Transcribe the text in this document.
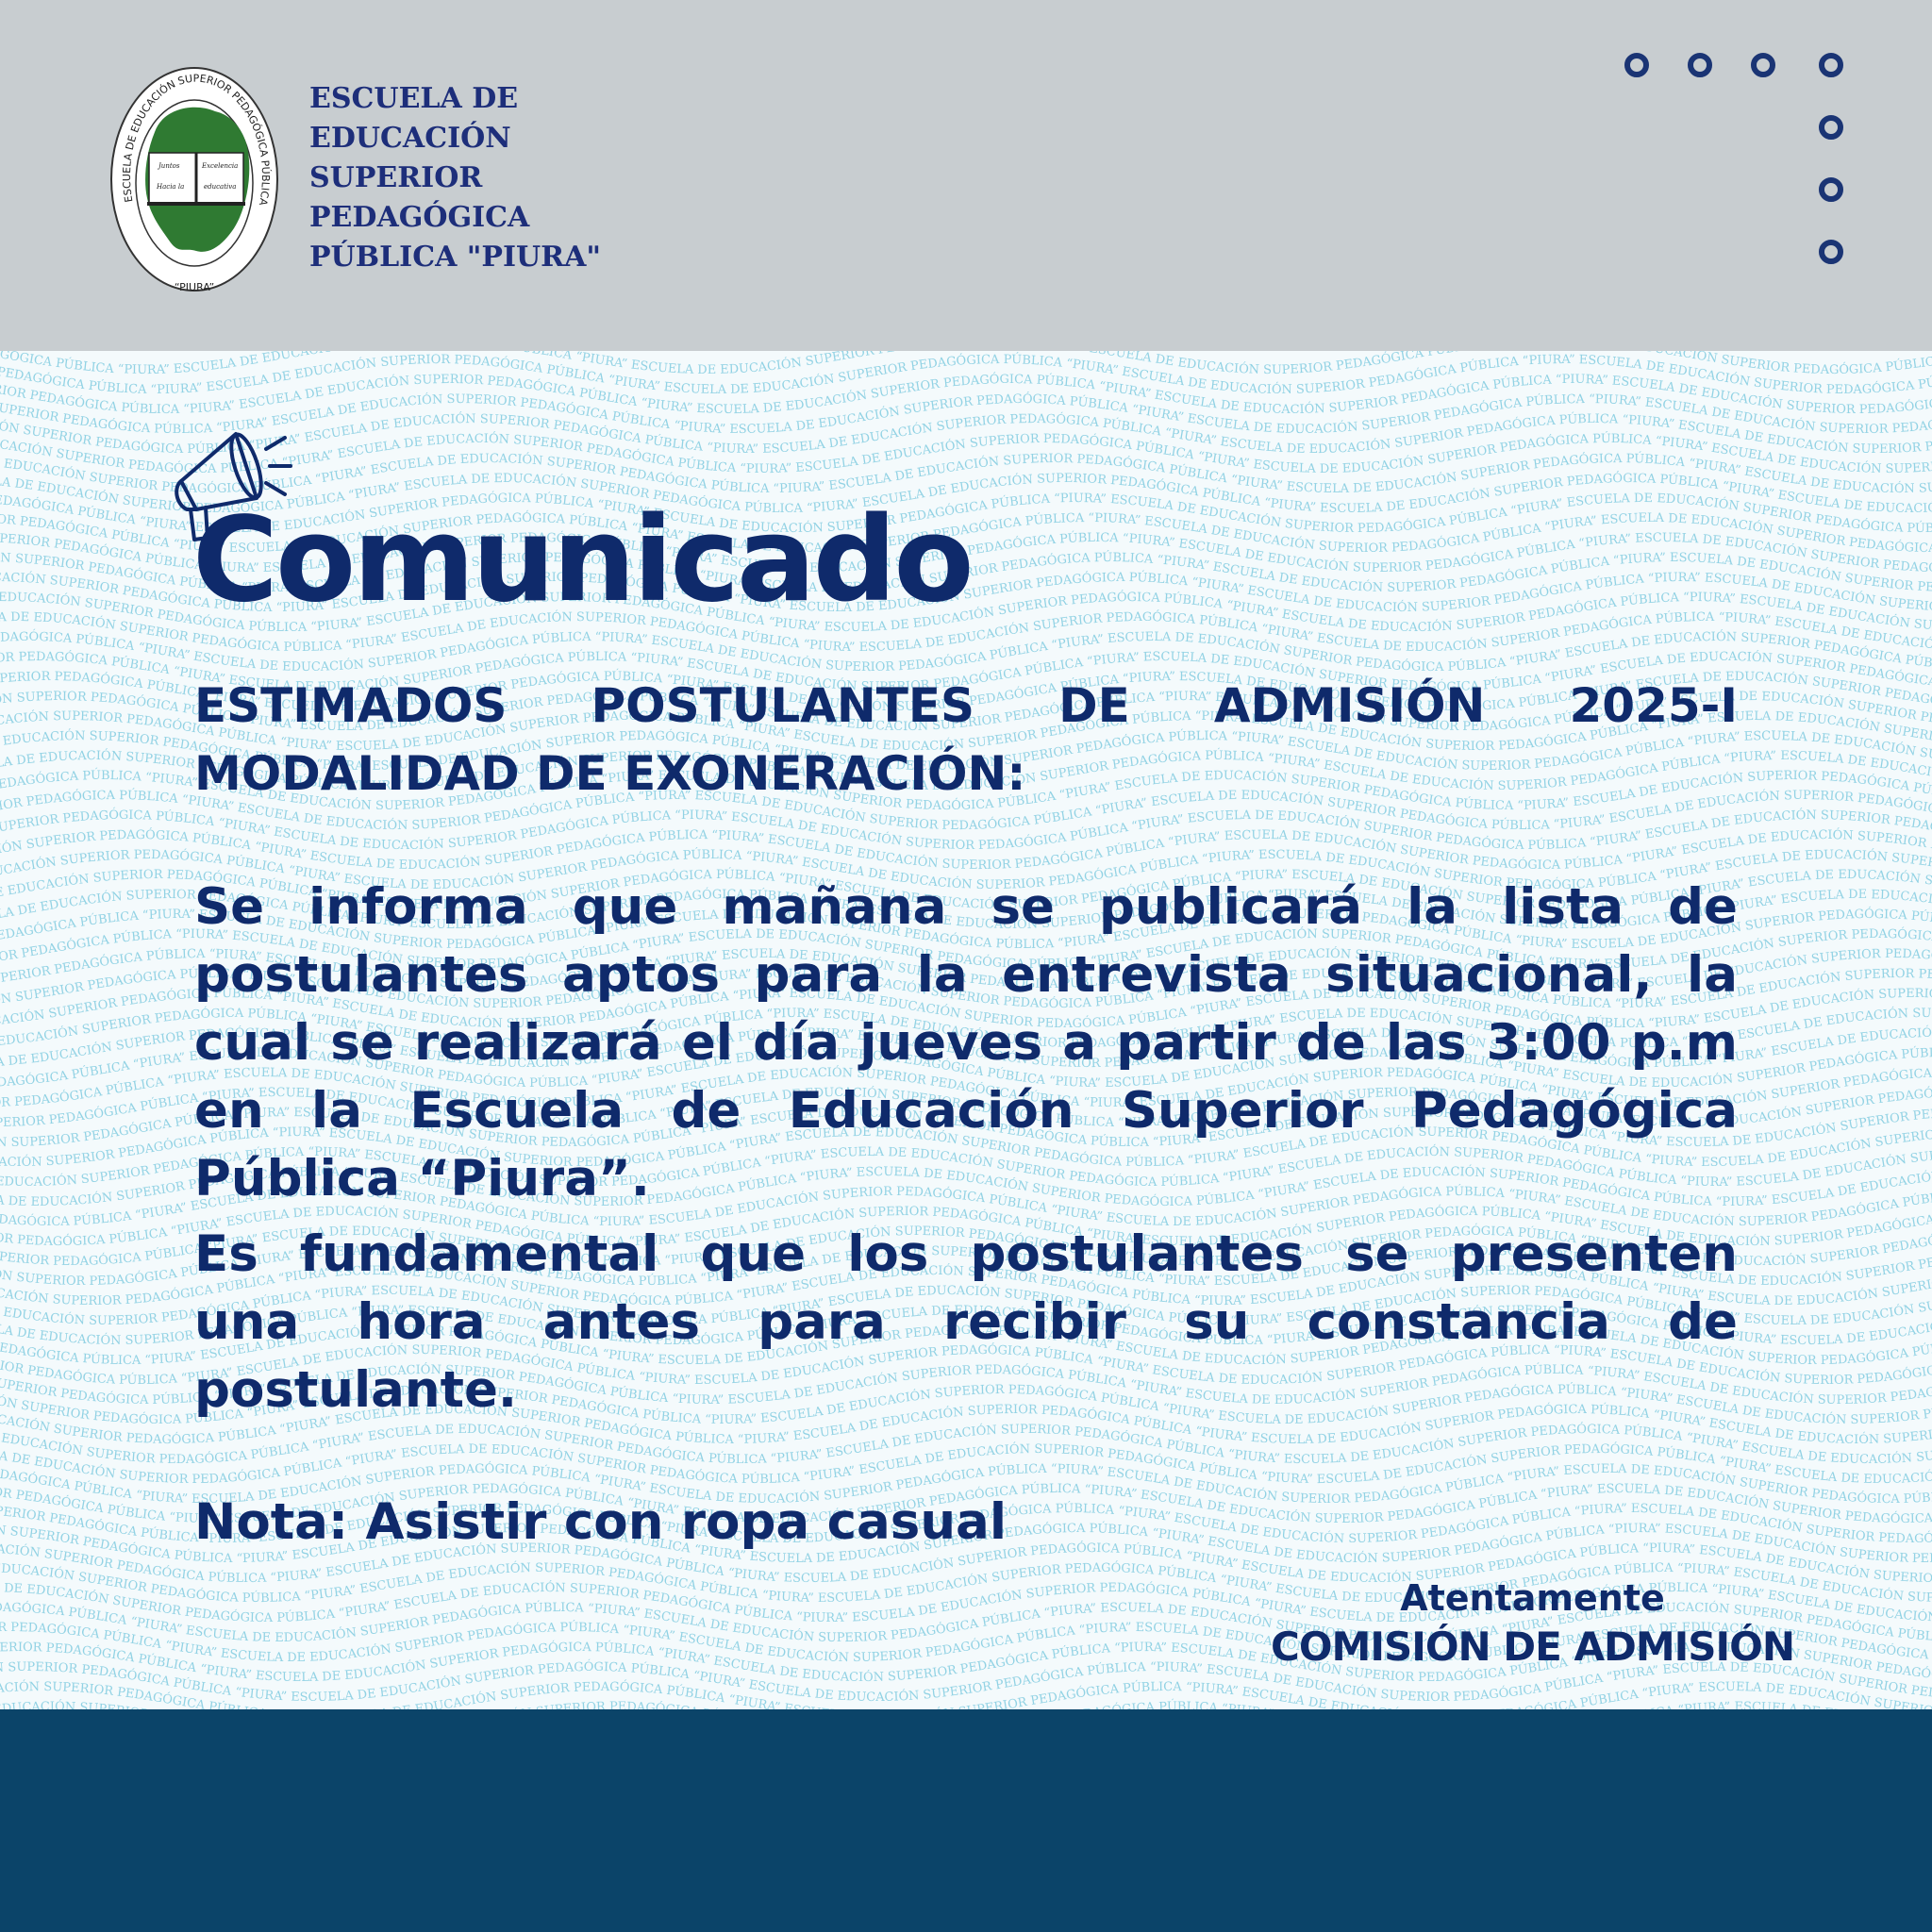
Juntos
Hacia la
Excelencia
educativa
ESCUELA DE EDUCACIÓN SUPERIOR PEDAGÓGICA PÚBLICA
“PIURA”

ESCUELA DE
EDUCACIÓN
SUPERIOR
PEDAGÓGICA
PÚBLICA "PIURA"

ÓGICA PÚBLICA “PIURA” ESCUELA DE EDUCA LICA “PIURA” ESCUELA DE EDUCACIÓN SUPERIOR CUELA DE EDUCACIÓN SUPERIOR PEDAGÓGICA P CACIÓN SUPERIOR PEDAGÓGICA PÚBLI
EDAGÓGICA PÚBLICA “PIURA” ESCUELA DE EDUCACIÓN SUPERIOR PEDAGÓGICA PÚBLICA “PIURA” ESCUELA DE EDUCACIÓN SUPERIOR PEDAGÓGICA PÚBLICA “PIURA” ESCUELA DE EDUCACIÓN SUPERIOR PEDAGÓGICA PÚBLICA “PIURA” ESCUELA DE EDUCACIÓN SUPERIOR PEDAGÓGICA P
IOR PEDAGÓGICA PÚBLICA “PIURA” ESCUELA DE EDUCACIÓN SUPERIOR PEDAGÓGICA PÚBLICA “PIURA” ESCUELA DE EDUCACIÓN SUPERIOR PEDAGÓGICA PÚBLICA “PIURA” ESCUELA DE EDUCACIÓN SUPERIOR PEDAGÓGICA PÚBLICA “PIURA” ESCUELA DE EDUCACIÓN SUPERIOR PEDAGÓGI
PERIOR PEDAGÓGICA PÚBLICA “PIURA” ESCUELA DE EDUCACIÓN SUPERIOR PEDAGÓGICA PÚBLICA “PIURA” ESCUELA DE EDUCACIÓN SUPERIOR PEDAGÓGICA PÚBLICA “PIURA” ESCUELA DE EDUCACIÓN SUPERIOR PEDAGÓGICA PÚBLICA “PIURA” ESCUELA DE EDUCACIÓN SUPERIOR PEDA
N SUPERIOR PEDAGÓGICA PÚBLICA “PIURA” ESCUELA DE EDUCACIÓN SUPERIOR PEDAGÓGICA PÚBLICA “PIURA” ESCUELA DE EDUCACIÓN SUPERIOR PEDAGÓGICA PÚBLICA “PIURA” ESCUELA DE EDUCACIÓN SUPERIOR PEDAGÓGICA PÚBLICA “PIURA” ESCUELA DE EDUCACIÓN SUPERIOR
ACIÓN SUPERIOR PEDAGÓGICA PÚBLICA “PIURA” ESCUELA DE EDUCACIÓN SUPERIOR PEDAGÓGICA PÚBLICA “PIURA” ESCUELA DE EDUCACIÓN SUPERIOR PEDAGÓGICA PÚBLICA “PIURA” ESCUELA DE EDUCACIÓN SUPERIOR PEDAGÓGICA PÚBLICA “PIURA” ESCUELA DE EDUCACIÓN SUPER
EDUCACIÓN SUPERIOR PEDAGÓGICA PÚBLICA “PIURA” ESCUELA DE EDUCACIÓN SUPERIOR PEDAGÓGICA PÚBLICA “PIURA” ESCUELA DE EDUCACIÓN SUPERIOR PEDAGÓGICA PÚBLICA “PIURA” ESCUELA DE EDUCACIÓN SUPERIOR PEDAGÓGICA PÚBLICA “PIURA” ESCUELA DE EDUCACIÓN S
A DE EDUCACIÓN SUPERIOR PEDAGÓGICA PÚBLICA “PIURA” ESCUELA DE EDUCACIÓN SUPERIOR PEDAGÓGICA PÚBLICA “PIURA” ESCUELA DE EDUCACIÓN SUPERIOR PEDAGÓGICA PÚBLICA “PIURA” ESCUELA DE EDUCACIÓN SUPERIOR PEDAGÓGICA PÚBLICA “PIURA” ESCUELA DE EDUCACI
DAGÓGICA PÚBLICA “PIURA” ESCUELA DE EDUCACIÓN SUPERIOR PEDAGÓGICA PÚBLICA “PIURA” ESCUELA DE EDUCACIÓN SUPERIOR PEDAGÓGICA PÚBLICA “PIURA” ESCUELA DE EDUCACIÓN SUPERIOR PEDAGÓGICA PÚBLICA “PIURA” ESCUELA DE EDUCACIÓN SUPERIOR PEDAGÓGICA PÚ
R PEDAGÓGICA PÚBLICA “PIURA” ESCUELA DE EDUCACIÓN SUPERIOR PEDAGÓGICA PÚBLICA “PIURA” ESCUELA DE EDUCACIÓN SUPERIOR PEDAGÓGICA PÚBLICA “PIURA” ESCUELA DE EDUCACIÓN SUPERIOR PEDAGÓGICA PÚBLICA “PIURA” ESCUELA DE EDUCACIÓN SUPERIOR PEDAGÓGIC
ERIOR PEDAGÓGICA PÚBLICA “PIURA” ESCUELA DE EDUCACIÓN SUPERIOR PEDAGÓGICA PÚBLICA “PIURA” ESCUELA DE EDUCACIÓN SUPERIOR PEDAGÓGICA PÚBLICA “PIURA” ESCUELA DE EDUCACIÓN SUPERIOR PEDAGÓGICA PÚBLICA “PIURA” ESCUELA DE EDUCACIÓN SUPERIOR PEDAG
N SUPERIOR PEDAGÓGICA PÚBLICA “PIURA” ESCUELA DE EDUCACIÓN SUPERIOR PEDAGÓGICA PÚBLICA “PIURA” ESCUELA DE EDUCACIÓN SUPERIOR PEDAGÓGICA PÚBLICA “PIURA” ESCUELA DE EDUCACIÓN SUPERIOR PEDAGÓGICA PÚBLICA “PIURA” ESCUELA DE EDUCACIÓN SUPERIOR P
ACIÓN SUPERIOR PEDAGÓGICA PÚBLICA “PIURA” ESCUELA DE EDUCACIÓN SUPERIOR PEDAGÓGICA PÚBLICA “PIURA” ESCUELA DE EDUCACIÓN SUPERIOR PEDAGÓGICA PÚBLICA “PIURA” ESCUELA DE EDUCACIÓN SUPERIOR PEDAGÓGICA PÚBLICA “PIURA” ESCUELA DE EDUCACIÓN SUPERI
DUCACIÓN SUPERIOR PEDAGÓGICA PÚBLICA “PIURA” ESCUELA DE EDUCACIÓN SUPERIOR PEDAGÓGICA PÚBLICA “PIURA” ESCUELA DE EDUCACIÓN SUPERIOR PEDAGÓGICA PÚBLICA “PIURA” ESCUELA DE EDUCACIÓN SUPERIOR PEDAGÓGICA PÚBLICA “PIURA” ESCUELA DE EDUCACIÓN SU
DE EDUCACIÓN SUPERIOR PEDAGÓGICA PÚBLICA “PIURA” ESCUELA DE EDUCACIÓN SUPERIOR PEDAGÓGICA PÚBLICA “PIURA” ESCUELA DE EDUCACIÓN SUPERIOR PEDAGÓGICA PÚBLICA “PIURA” ESCUELA DE EDUCACIÓN SUPERIOR PEDAGÓGICA PÚBLICA “PIURA” ESCUELA DE EDUCACI
DAGÓGICA PÚBLICA “PIURA” ESCUELA DE EDUCACIÓN SUPERIOR PEDAGÓGICA PÚBLICA “PIURA” ESCUELA DE EDUCACIÓN SUPERIOR PEDAGÓGICA PÚBLICA “PIURA” ESCUELA DE EDUCACIÓN SUPERIOR PEDAGÓGICA PÚBLICA “PIURA” ESCUELA DE EDUCACIÓN SUPERIOR PEDAGÓGICA PÚ
R PEDAGÓGICA PÚBLICA “PIURA” ESCUELA DE EDUCACIÓN SUPERIOR PEDAGÓGICA PÚBLICA “PIURA” ESCUELA DE EDUCACIÓN SUPERIOR PEDAGÓGICA PÚBLICA “PIURA” ESCUELA DE EDUCACIÓN SUPERIOR PEDAGÓGICA PÚBLICA “PIURA” ESCUELA DE EDUCACIÓN SUPERIOR PEDAGÓGIC
ERIOR PEDAGÓGICA PÚBLICA “PIURA” ESCUELA DE EDUCACIÓN SUPERIOR PEDAGÓGICA PÚBLICA “PIURA” ESCUELA DE EDUCACIÓN SUPERIOR PEDAGÓGICA PÚBLICA “PIURA” ESCUELA DE EDUCACIÓN SUPERIOR PEDAGÓGICA PÚBLICA “PIURA” ESCUELA DE EDUCACIÓN SUPERIOR PEDAG
N SUPERIOR PEDAGÓGICA PÚBLICA “PIURA” ESCUELA DE EDUCACIÓN SUPERIOR PEDAGÓGICA PÚBLICA “PIURA” ESCUELA DE EDUCACIÓN SUPERIOR PEDAGÓGICA PÚBLICA “PIURA” ESCUELA DE EDUCACIÓN SUPERIOR PEDAGÓGICA PÚBLICA “PIURA” ESCUELA DE EDUCACIÓN SUPERIOR P
ACIÓN SUPERIOR PEDAGÓGICA PÚBLICA “PIURA” ESCUELA DE EDUCACIÓN SUPERIOR PEDAGÓGICA PÚBLICA “PIURA” ESCUELA DE EDUCACIÓN SUPERIOR PEDAGÓGICA PÚBLICA “PIURA” ESCUELA DE EDUCACIÓN SUPERIOR PEDAGÓGICA PÚBLICA “PIURA” ESCUELA DE EDUCACIÓN SUPER
EDUCACIÓN SUPERIOR PEDAGÓGICA PÚBLICA “PIURA” ESCUELA DE EDUCACIÓN SUPERIOR PEDAGÓGICA PÚBLICA “PIURA” ESCUELA DE EDUCACIÓN SUPERIOR PEDAGÓGICA PÚBLICA “PIURA” ESCUELA DE EDUCACIÓN SUPERIOR PEDAGÓGICA PÚBLICA “PIURA” ESCUELA DE EDUCACIÓN S
A DE EDUCACIÓN SUPERIOR PEDAGÓGICA PÚBLICA “PIURA” ESCUELA DE EDUCACIÓN SUPERIOR PEDAGÓGICA PÚBLICA “PIURA” ESCUELA DE EDUCACIÓN SUPERIOR PEDAGÓGICA PÚBLICA “PIURA” ESCUELA DE EDUCACIÓN SUPERIOR PEDAGÓGICA PÚBLICA “PIURA” ESCUELA DE EDUCACI
DAGÓGICA PÚBLICA “PIURA” ESCUELA DE EDUCACIÓN SUPERIOR PEDAGÓGICA PÚBLICA “PIURA” ESCUELA DE EDUCACIÓN SUPERIOR PEDAGÓGICA PÚBLICA “PIURA” ESCUELA DE EDUCACIÓN SUPERIOR PEDAGÓGICA PÚBLICA “PIURA” ESCUELA DE EDUCACIÓN SUPERIOR PEDAGÓGICA PÚ
OR PEDAGÓGICA PÚBLICA “PIURA” ESCUELA DE EDUCACIÓN SUPERIOR PEDAGÓGICA PÚBLICA “PIURA” ESCUELA DE EDUCACIÓN SUPERIOR PEDAGÓGICA PÚBLICA “PIURA” ESCUELA DE EDUCACIÓN SUPERIOR PEDAGÓGICA PÚBLICA “PIURA” ESCUELA DE EDUCACIÓN SUPERIOR PEDAGÓGI
PERIOR PEDAGÓGICA PÚBLICA “PIURA” ESCUELA DE EDUCACIÓN SUPERIOR PEDAGÓGICA PÚBLICA “PIURA” ESCUELA DE EDUCACIÓN SUPERIOR PEDAGÓGICA PÚBLICA “PIURA” ESCUELA DE EDUCACIÓN SUPERIOR PEDAGÓGICA PÚBLICA “PIURA” ESCUELA DE EDUCACIÓN SUPERIOR PEDA
ÓN SUPERIOR PEDAGÓGICA PÚBLICA “PIURA” ESCUELA DE EDUCACIÓN SUPERIOR PEDAGÓGICA PÚBLICA “PIURA” ESCUELA DE EDUCACIÓN SUPERIOR PEDAGÓGICA PÚBLICA “PIURA” ESCUELA DE EDUCACIÓN SUPERIOR PEDAGÓGICA PÚBLICA “PIURA” ESCUELA DE EDUCACIÓN SUPERIOR
CACIÓN SUPERIOR PEDAGÓGICA PÚBLICA “PIURA” ESCUELA DE EDUCACIÓN SUPERIOR PEDAGÓGICA PÚBLICA “PIURA” ESCUELA DE EDUCACIÓN SUPERIOR PEDAGÓGICA PÚBLICA “PIURA” ESCUELA DE EDUCACIÓN SUPERIOR PEDAGÓGICA PÚBLICA “PIURA” ESCUELA DE EDUCACIÓN SUPE
EDUCACIÓN SUPERIOR PEDAGÓGICA PÚBLICA “PIURA” ESCUELA DE EDUCACIÓN SUPERIOR PEDAGÓGICA PÚBLICA “PIURA” ESCUELA DE EDUCACIÓN SUPERIOR PEDAGÓGICA PÚBLICA “PIURA” ESCUELA DE EDUCACIÓN SUPERIOR PEDAGÓGICA PÚBLICA “PIURA” ESCUELA DE EDUCACIÓN
A DE EDUCACIÓN SUPERIOR PEDAGÓGICA PÚBLICA “PIURA” ESCUELA DE EDUCACIÓN SUPERIOR PEDAGÓGICA PÚBLICA “PIURA” ESCUELA DE EDUCACIÓN SUPERIOR PEDAGÓGICA PÚBLICA “PIURA” ESCUELA DE EDUCACIÓN SUPERIOR PEDAGÓGICA PÚBLICA “PIURA” ESCUELA DE EDUCAC
DAGÓGICA PÚBLICA “PIURA” ESCUELA DE EDUCACIÓN SUPERIOR PEDAGÓGICA PÚBLICA “PIURA” ESCUELA DE EDUCACIÓN SUPERIOR PEDAGÓGICA PÚBLICA “PIURA” ESCUELA DE EDUCACIÓN SUPERIOR PEDAGÓGICA PÚBLICA “PIURA” ESCUELA DE EDUCACIÓN SUPERIOR PEDAGÓGICA PÚ
R PEDAGÓGICA PÚBLICA “PIURA” ESCUELA DE EDUCACIÓN SUPERIOR PEDAGÓGICA PÚBLICA “PIURA” ESCUELA DE EDUCACIÓN SUPERIOR PEDAGÓGICA PÚBLICA “PIURA” ESCUELA DE EDUCACIÓN SUPERIOR PEDAGÓGICA PÚBLICA “PIURA” ESCUELA DE EDUCACIÓN SUPERIOR PEDAGÓGIC
PERIOR PEDAGÓGICA PÚBLICA “PIURA” ESCUELA DE EDUCACIÓN SUPERIOR PEDAGÓGICA PÚBLICA “PIURA” ESCUELA DE EDUCACIÓN SUPERIOR PEDAGÓGICA PÚBLICA “PIURA” ESCUELA DE EDUCACIÓN SUPERIOR PEDAGÓGICA PÚBLICA “PIURA” ESCUELA DE EDUCACIÓN SUPERIOR PEDAG
N SUPERIOR PEDAGÓGICA PÚBLICA “PIURA” ESCUELA DE EDUCACIÓN SUPERIOR PEDAGÓGICA PÚBLICA “PIURA” ESCUELA DE EDUCACIÓN SUPERIOR PEDAGÓGICA PÚBLICA “PIURA” ESCUELA DE EDUCACIÓN SUPERIOR PEDAGÓGICA PÚBLICA “PIURA” ESCUELA DE EDUCACIÓN SUPERIOR P
ACIÓN SUPERIOR PEDAGÓGICA PÚBLICA “PIURA” ESCUELA DE EDUCACIÓN SUPERIOR PEDAGÓGICA PÚBLICA “PIURA” ESCUELA DE EDUCACIÓN SUPERIOR PEDAGÓGICA PÚBLICA “PIURA” ESCUELA DE EDUCACIÓN SUPERIOR PEDAGÓGICA PÚBLICA “PIURA” ESCUELA DE EDUCACIÓN SUPERI
DUCACIÓN SUPERIOR PEDAGÓGICA PÚBLICA “PIURA” ESCUELA DE EDUCACIÓN SUPERIOR PEDAGÓGICA PÚBLICA “PIURA” ESCUELA DE EDUCACIÓN SUPERIOR PEDAGÓGICA PÚBLICA “PIURA” ESCUELA DE EDUCACIÓN SUPERIOR PEDAGÓGICA PÚBLICA “PIURA” ESCUELA DE EDUCACIÓN SU
DE EDUCACIÓN SUPERIOR PEDAGÓGICA PÚBLICA “PIURA” ESCUELA DE EDUCACIÓN SUPERIOR PEDAGÓGICA PÚBLICA “PIURA” ESCUELA DE EDUCACIÓN SUPERIOR PEDAGÓGICA PÚBLICA “PIURA” ESCUELA DE EDUCACIÓN SUPERIOR PEDAGÓGICA PÚBLICA “PIURA” ESCUELA DE EDUCACIÓ
AGÓGICA PÚBLICA “PIURA” ESCUELA DE EDUCACIÓN SUPERIOR PEDAGÓGICA PÚBLICA “PIURA” ESCUELA DE EDUCACIÓN SUPERIOR PEDAGÓGICA PÚBLICA “PIURA” ESCUELA DE EDUCACIÓN SUPERIOR PEDAGÓGICA PÚBLICA “PIURA” ESCUELA DE EDUCACIÓN SUPERIOR PEDAGÓGICA PÚB
R PEDAGÓGICA PÚBLICA “PIURA” ESCUELA DE EDUCACIÓN SUPERIOR PEDAGÓGICA PÚBLICA “PIURA” ESCUELA DE EDUCACIÓN SUPERIOR PEDAGÓGICA PÚBLICA “PIURA” ESCUELA DE EDUCACIÓN SUPERIOR PEDAGÓGICA PÚBLICA “PIURA” ESCUELA DE EDUCACIÓN SUPERIOR PEDAGÓGICA
ERIOR PEDAGÓGICA PÚBLICA “PIURA” ESCUELA DE EDUCACIÓN SUPERIOR PEDAGÓGICA PÚBLICA “PIURA” ESCUELA DE EDUCACIÓN SUPERIOR PEDAGÓGICA PÚBLICA “PIURA” ESCUELA DE EDUCACIÓN SUPERIOR PEDAGÓGICA PÚBLICA “PIURA” ESCUELA DE EDUCACIÓN SUPERIOR PEDAG
SUPERIOR PEDAGÓGICA PÚBLICA “PIURA” ESCUELA DE EDUCACIÓN SUPERIOR PEDAGÓGICA PÚBLICA “PIURA” ESCUELA DE EDUCACIÓN SUPERIOR PEDAGÓGICA PÚBLICA “PIURA” ESCUELA DE EDUCACIÓN SUPERIOR PEDAGÓGICA PÚBLICA “PIURA” ESCUELA DE EDUCACIÓN SUPERIOR PE
CIÓN SUPERIOR PEDAGÓGICA PÚBLICA “PIURA” ESCUELA DE EDUCACIÓN SUPERIOR PEDAGÓGICA PÚBLICA “PIURA” ESCUELA DE EDUCACIÓN SUPERIOR PEDAGÓGICA PÚBLICA “PIURA” ESCUELA DE EDUCACIÓN SUPERIOR PEDAGÓGICA PÚBLICA “PIURA” ESCUELA DE EDUCACIÓN SUPERI
DUCACIÓN SUPERIOR PEDAGÓGICA PÚBLICA “PIURA” ESCUELA DE EDUCACIÓN SUPERIOR PEDAGÓGICA PÚBLICA “PIURA” ESCUELA DE EDUCACIÓN SUPERIOR PEDAGÓGICA PÚBLICA “PIURA” ESCUELA DE EDUCACIÓN SUPERIOR PEDAGÓGICA PÚBLICA “PIURA” ESCUELA DE EDUCACIÓN SU
DE EDUCACIÓN SUPERIOR PEDAGÓGICA PÚBLICA “PIURA” ESCUELA DE EDUCACIÓN SUPERIOR PEDAGÓGICA PÚBLICA “PIURA” ESCUELA DE EDUCACIÓN SUPERIOR PEDAGÓGICA PÚBLICA “PIURA” ESCUELA DE EDUCACIÓN SUPERIOR PEDAGÓGICA PÚBLICA “PIURA” ESCUELA DE EDUCACIÓ
AGÓGICA PÚBLICA “PIURA” ESCUELA DE EDUCACIÓN SUPERIOR PEDAGÓGICA PÚBLICA “PIURA” ESCUELA DE EDUCACIÓN SUPERIOR PEDAGÓGICA PÚBLICA “PIURA” ESCUELA DE EDUCACIÓN SUPERIOR PEDAGÓGICA PÚBLICA “PIURA” ESCUELA DE EDUCACIÓN SUPERIOR PEDAGÓGICA PÚB
R PEDAGÓGICA PÚBLICA “PIURA” ESCUELA DE EDUCACIÓN SUPERIOR PEDAGÓGICA PÚBLICA “PIURA” ESCUELA DE EDUCACIÓN SUPERIOR PEDAGÓGICA PÚBLICA “PIURA” ESCUELA DE EDUCACIÓN SUPERIOR PEDAGÓGICA PÚBLICA “PIURA” ESCUELA DE EDUCACIÓN SUPERIOR PEDAGÓGIC
ERIOR PEDAGÓGICA PÚBLICA “PIURA” ESCUELA DE EDUCACIÓN SUPERIOR PEDAGÓGICA PÚBLICA “PIURA” ESCUELA DE EDUCACIÓN SUPERIOR PEDAGÓGICA PÚBLICA “PIURA” ESCUELA DE EDUCACIÓN SUPERIOR PEDAGÓGICA PÚBLICA “PIURA” ESCUELA DE EDUCACIÓN SUPERIOR PEDAG
N SUPERIOR PEDAGÓGICA PÚBLICA “PIURA” ESCUELA DE EDUCACIÓN SUPERIOR PEDAGÓGICA PÚBLICA “PIURA” ESCUELA DE EDUCACIÓN SUPERIOR PEDAGÓGICA PÚBLICA “PIURA” ESCUELA DE EDUCACIÓN SUPERIOR PEDAGÓGICA PÚBLICA “PIURA” ESCUELA DE EDUCACIÓN SUPERIOR P
ACIÓN SUPERIOR PEDAGÓGICA PÚBLICA “PIURA” ESCUELA DE EDUCACIÓN SUPERIOR PEDAGÓGICA PÚBLICA “PIURA” ESCUELA DE EDUCACIÓN SUPERIOR PEDAGÓGICA PÚBLICA “PIURA” ESCUELA DE EDUCACIÓN SUPERIOR PEDAGÓGICA PÚBLICA “PIURA” ESCUELA DE EDUCACIÓN SUPERI
EDUCACIÓN SUPERIOR PEDAGÓGICA PÚBLICA “PIURA” ESCUELA DE EDUCACIÓN SUPERIOR PEDAGÓGICA PÚBLICA “PIURA” ESCUELA DE EDUCACIÓN SUPERIOR PEDAGÓGICA PÚBLICA “PIURA” ESCUELA DE EDUCACIÓN SUPERIOR PEDAGÓGICA PÚBLICA “PIURA” ESCUELA DE EDUCACIÓN S
A DE EDUCACIÓN SUPERIOR PEDAGÓGICA PÚBLICA “PIURA” ESCUELA DE EDUCACIÓN SUPERIOR PEDAGÓGICA PÚBLICA “PIURA” ESCUELA DE EDUCACIÓN SUPERIOR PEDAGÓGICA PÚBLICA “PIURA” ESCUELA DE EDUCACIÓN SUPERIOR PEDAGÓGICA PÚBLICA “PIURA” ESCUELA DE EDUCACI
DAGÓGICA PÚBLICA “PIURA” ESCUELA DE EDUCACIÓN SUPERIOR PEDAGÓGICA PÚBLICA “PIURA” ESCUELA DE EDUCACIÓN SUPERIOR PEDAGÓGICA PÚBLICA “PIURA” ESCUELA DE EDUCACIÓN SUPERIOR PEDAGÓGICA PÚBLICA “PIURA” ESCUELA DE EDUCACIÓN SUPERIOR PEDAGÓGICA PÚ
OR PEDAGÓGICA PÚBLICA “PIURA” ESCUELA DE EDUCACIÓN SUPERIOR PEDAGÓGICA PÚBLICA “PIURA” ESCUELA DE EDUCACIÓN SUPERIOR PEDAGÓGICA PÚBLICA “PIURA” ESCUELA DE EDUCACIÓN SUPERIOR PEDAGÓGICA PÚBLICA “PIURA” ESCUELA DE EDUCACIÓN SUPERIOR PEDAGÓGI
PERIOR PEDAGÓGICA PÚBLICA “PIURA” ESCUELA DE EDUCACIÓN SUPERIOR PEDAGÓGICA PÚBLICA “PIURA” ESCUELA DE EDUCACIÓN SUPERIOR PEDAGÓGICA PÚBLICA “PIURA” ESCUELA DE EDUCACIÓN SUPERIOR PEDAGÓGICA PÚBLICA “PIURA” ESCUELA DE EDUCACIÓN SUPERIOR PEDA
N SUPERIOR PEDAGÓGICA PÚBLICA “PIURA” ESCUELA DE EDUCACIÓN SUPERIOR PEDAGÓGICA PÚBLICA “PIURA” ESCUELA DE EDUCACIÓN SUPERIOR PEDAGÓGICA PÚBLICA “PIURA” ESCUELA DE EDUCACIÓN SUPERIOR PEDAGÓGICA PÚBLICA “PIURA” ESCUELA DE EDUCACIÓN SUPERIOR P
ACIÓN SUPERIOR PEDAGÓGICA PÚBLICA “PIURA” ESCUELA DE EDUCACIÓN SUPERIOR PEDAGÓGICA PÚBLICA “PIURA” ESCUELA DE EDUCACIÓN SUPERIOR PEDAGÓGICA PÚBLICA “PIURA” ESCUELA DE EDUCACIÓN SUPERIOR PEDAGÓGICA PÚBLICA “PIURA” ESCUELA DE EDUCACIÓN SUPER
EDUCACIÓN SUPERIOR PEDAGÓGICA PÚBLICA “PIURA” ESCUELA DE EDUCACIÓN SUPERIOR PEDAGÓGICA PÚBLICA “PIURA” ESCUELA DE EDUCACIÓN SUPERIOR PEDAGÓGICA PÚBLICA “PIURA” ESCUELA DE EDUCACIÓN SUPERIOR PEDAGÓGICA PÚBLICA “PIURA” ESCUELA DE EDUCACIÓN S
DE EDUCACIÓN SUPERIOR PEDAGÓGICA PÚBLICA “PIURA” ESCUELA DE EDUCACIÓN SUPERIOR PEDAGÓGICA PÚBLICA “PIURA” ESCUELA DE EDUCACIÓN SUPERIOR PEDAGÓGICA PÚBLICA “PIURA” ESCUELA DE EDUCACIÓN SUPERIOR PEDAGÓGICA PÚBLICA “PIURA” ESCUELA DE EDUCACI
AGÓGICA PÚBLICA “PIURA” ESCUELA DE EDUCACIÓN SUPERIOR PEDAGÓGICA PÚBLICA “PIURA” ESCUELA DE EDUCACIÓN SUPERIOR PEDAGÓGICA PÚBLICA “PIURA” ESCUELA DE EDUCACIÓN SUPERIOR PEDAGÓGICA PÚBLICA “PIURA” ESCUELA DE EDUCACIÓN SUPERIOR PEDAGÓGICA PÚB
R PEDAGÓGICA PÚBLICA “PIURA” ESCUELA DE EDUCACIÓN SUPERIOR PEDAGÓGICA PÚBLICA “PIURA” ESCUELA DE EDUCACIÓN SUPERIOR PEDAGÓGICA PÚBLICA “PIURA” ESCUELA DE EDUCACIÓN SUPERIOR PEDAGÓGICA PÚBLICA “PIURA” ESCUELA DE EDUCACIÓN SUPERIOR PEDAGÓGIC
ERIOR PEDAGÓGICA PÚBLICA “PIURA” ESCUELA DE EDUCACIÓN SUPERIOR PEDAGÓGICA PÚBLICA “PIURA” ESCUELA DE EDUCACIÓN SUPERIOR PEDAGÓGICA PÚBLICA “PIURA” ESCUELA DE EDUCACIÓN SUPERIOR PEDAGÓGICA PÚBLICA “PIURA” ESCUELA DE EDUCACIÓN SUPERIOR PEDAG
SUPERIOR PEDAGÓGICA PÚBLICA “PIURA” ESCUELA DE EDUCACIÓN SUPERIOR PEDAGÓGICA PÚBLICA “PIURA” ESCUELA DE EDUCACIÓN SUPERIOR PEDAGÓGICA PÚBLICA “PIURA” ESCUELA DE EDUCACIÓN SUPERIOR PEDAGÓGICA PÚBLICA “PIURA” ESCUELA DE EDUCACIÓN SUPERIOR PE
CIÓN SUPERIOR PEDAGÓGICA PÚBLICA “PIURA” ESCUELA DE EDUCACIÓN SUPERIOR PEDAGÓGICA PÚBLICA “PIURA” ESCUELA DE EDUCACIÓN SUPERIOR PEDAGÓGICA PÚBLICA “PIURA” ESCUELA DE EDUCACIÓN SUPERIOR PEDAGÓGICA PÚBLICA “PIURA” ESCUELA DE EDUCACIÓN SUPERI
DUCACIÓN SUPERIOR PEDAGÓGICA PÚBLICA “PIURA” ESCUELA DE EDUCACIÓN SUPERIOR PEDAGÓGICA PÚBLICA “PIURA” ESCUELA DE EDUCACIÓN SUPERIOR PEDAGÓGICA PÚBLICA “PIURA” ESCUELA DE EDUCACIÓN SUPERIOR PEDAGÓGICA PÚBLICA “PIURA” ESCUELA DE EDUCACIÓN SU
DE EDUCACIÓN SUPERIOR PEDAGÓGICA PÚBLICA “PIURA” ESCUELA DE EDUCACIÓN SUPERIOR PEDAGÓGICA PÚBLICA “PIURA” ESCUELA DE EDUCACIÓN SUPERIOR PEDAGÓGICA PÚBLICA “PIURA” ESCUELA DE EDUCACIÓN SUPERIOR PEDAGÓGICA PÚBLICA “PIURA” ESCUELA DE EDUCACIÓ
AGÓGICA PÚBLICA “PIURA” ESCUELA DE EDUCACIÓN SUPERIOR PEDAGÓGICA PÚBLICA “PIURA” ESCUELA DE EDUCACIÓN SUPERIOR PEDAGÓGICA PÚBLICA “PIURA” ESCUELA DE EDUCACIÓN SUPERIOR PEDAGÓGICA PÚBLICA “PIURA” ESCUELA DE EDUCACIÓN SUPERIOR PEDAGÓGICA PÚB
PEDAGÓGICA PÚBLICA “PIURA” ESCUELA DE EDUCACIÓN SUPERIOR PEDAGÓGICA PÚBLICA “PIURA” ESCUELA DE EDUCACIÓN SUPERIOR PEDAGÓGICA PÚBLICA “PIURA” ESCUELA DE EDUCACIÓN SUPERIOR PEDAGÓGICA PÚBLICA “PIURA” ESCUELA DE EDUCACIÓN SUPERIOR PEDAGÓGICA
ERIOR PEDAGÓGICA PÚBLICA “PIURA” ESCUELA DE EDUCACIÓN SUPERIOR PEDAGÓGICA PÚBLICA “PIURA” ESCUELA DE EDUCACIÓN SUPERIOR PEDAGÓGICA PÚBLICA “PIURA” ESCUELA DE EDUCACIÓN SUPERIOR PEDAGÓGICA PÚBLICA “PIURA” ESCUELA DE EDUCACIÓN SUPERIOR PEDAGÓ
SUPERIOR PEDAGÓGICA PÚBLICA “PIURA” ESCUELA DE EDUCACIÓN SUPERIOR PEDAGÓGICA PÚBLICA “PIURA” ESCUELA DE EDUCACIÓN SUPERIOR PEDAGÓGICA PÚBLICA “PIURA” ESCUELA DE EDUCACIÓN SUPERIOR PEDAGÓGICA PÚBLICA “PIURA” ESCUELA DE EDUCACIÓN SUPERIOR PE
CIÓN SUPERIOR PEDAGÓGICA PÚ EDUCACIÓN SUPERIOR PEDAGÓGICA PÚBLICA “PIURA” E ERIOR PEDAGÓGICA PÚBLICA “PIURA” ESCUELA DE ED GICA PÚBLICA “PIURA” ESCUELA DE EDUCACIÓN SUPER
DUCACIÓN SU ERIOR PEDAGÓ ICA PÚBLICA “ IURA” ESCUEL
Comunicado
ESTIMADOS POSTULANTES DE ADMISIÓN 2025-I
MODALIDAD DE EXONERACIÓN:
Se informa que mañana se publicará la lista de
postulantes aptos para la entrevista situacional, la
cual se realizará el día jueves a partir de las 3:00 p.m
en la Escuela de Educación Superior Pedagógica
Pública “Piura”.
Es fundamental que los postulantes se presenten
una hora antes para recibir su constancia de
postulante.
Nota: Asistir con ropa casual
Atentamente
COMISIÓN DE ADMISIÓN
